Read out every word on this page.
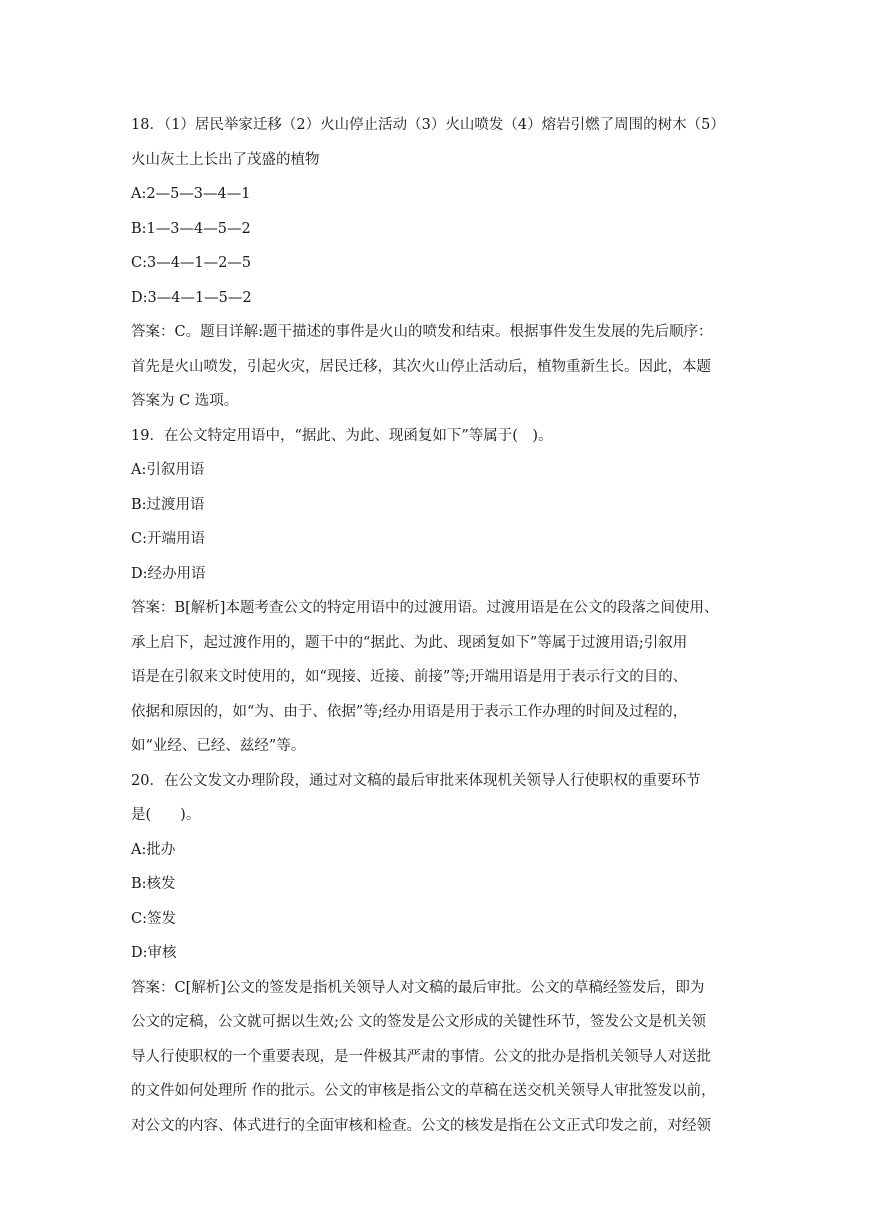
18．（1）居民举家迁移（2）火山停止活动（3）火山喷发（4）熔岩引燃了周围的树木（5）
火山灰土上长出了茂盛的植物
A:2—5—3—4—1
B:1—3—4—5—2
C:3—4—1—2—5
D:3—4—1—5—2
答案：C。题目详解:题干描述的事件是火山的喷发和结束。根据事件发生发展的先后顺序：
首先是火山喷发，引起火灾，居民迁移，其次火山停止活动后，植物重新生长。因此，本题
答案为 C 选项。
19．在公文特定用语中，“据此、为此、现函复如下”等属于(　)。
A:引叙用语
B:过渡用语
C:开端用语
D:经办用语
答案：B[解析]本题考查公文的特定用语中的过渡用语。过渡用语是在公文的段落之间使用、
承上启下，起过渡作用的，题干中的“据此、为此、现函复如下”等属于过渡用语;引叙用
语是在引叙来文时使用的，如“现接、近接、前接”等;开端用语是用于表示行文的目的、
依据和原因的，如“为、由于、依据”等;经办用语是用于表示工作办理的时间及过程的，
如“业经、已经、兹经”等。
20．在公文发文办理阶段，通过对文稿的最后审批来体现机关领导人行使职权的重要环节
是(　　)。
A:批办
B:核发
C:签发
D:审核
答案：C[解析]公文的签发是指机关领导人对文稿的最后审批。公文的草稿经签发后，即为
公文的定稿，公文就可据以生效;公 文的签发是公文形成的关键性环节，签发公文是机关领
导人行使职权的一个重要表现，是一件极其严肃的事情。公文的批办是指机关领导人对送批
的文件如何处理所 作的批示。公文的审核是指公文的草稿在送交机关领导人审批签发以前，
对公文的内容、体式进行的全面审核和检查。公文的核发是指在公文正式印发之前，对经领
